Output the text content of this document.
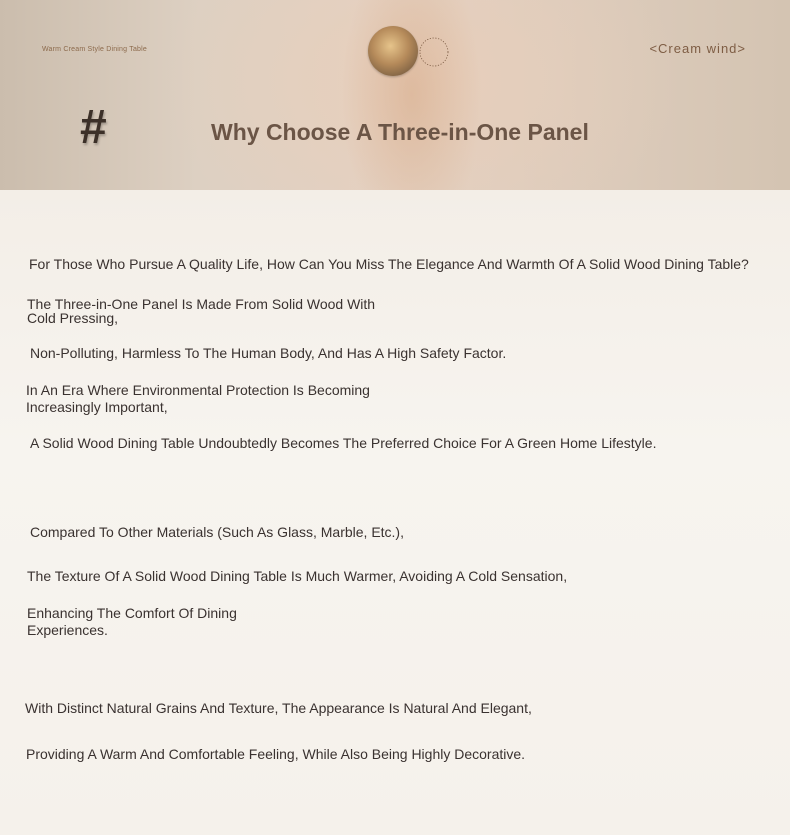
Warm Cream Style Dining Table	<Cream wind>
#	Why Choose A Three-in-One Panel
For Those Who Pursue A Quality Life, How Can You Miss The Elegance And Warmth Of A Solid Wood Dining Table?
The Three-in-One Panel Is Made From Solid Wood With
Cold Pressing,
Non-Polluting, Harmless To The Human Body, And Has A High Safety Factor.
In An Era Where Environmental Protection Is Becoming
Increasingly Important,
A Solid Wood Dining Table Undoubtedly Becomes The Preferred Choice For A Green Home Lifestyle.
Compared To Other Materials (Such As Glass, Marble, Etc.),
The Texture Of A Solid Wood Dining Table Is Much Warmer, Avoiding A Cold Sensation,
Enhancing The Comfort Of Dining
Experiences.
With Distinct Natural Grains And Texture, The Appearance Is Natural And Elegant,
Providing A Warm And Comfortable Feeling, While Also Being Highly Decorative.
